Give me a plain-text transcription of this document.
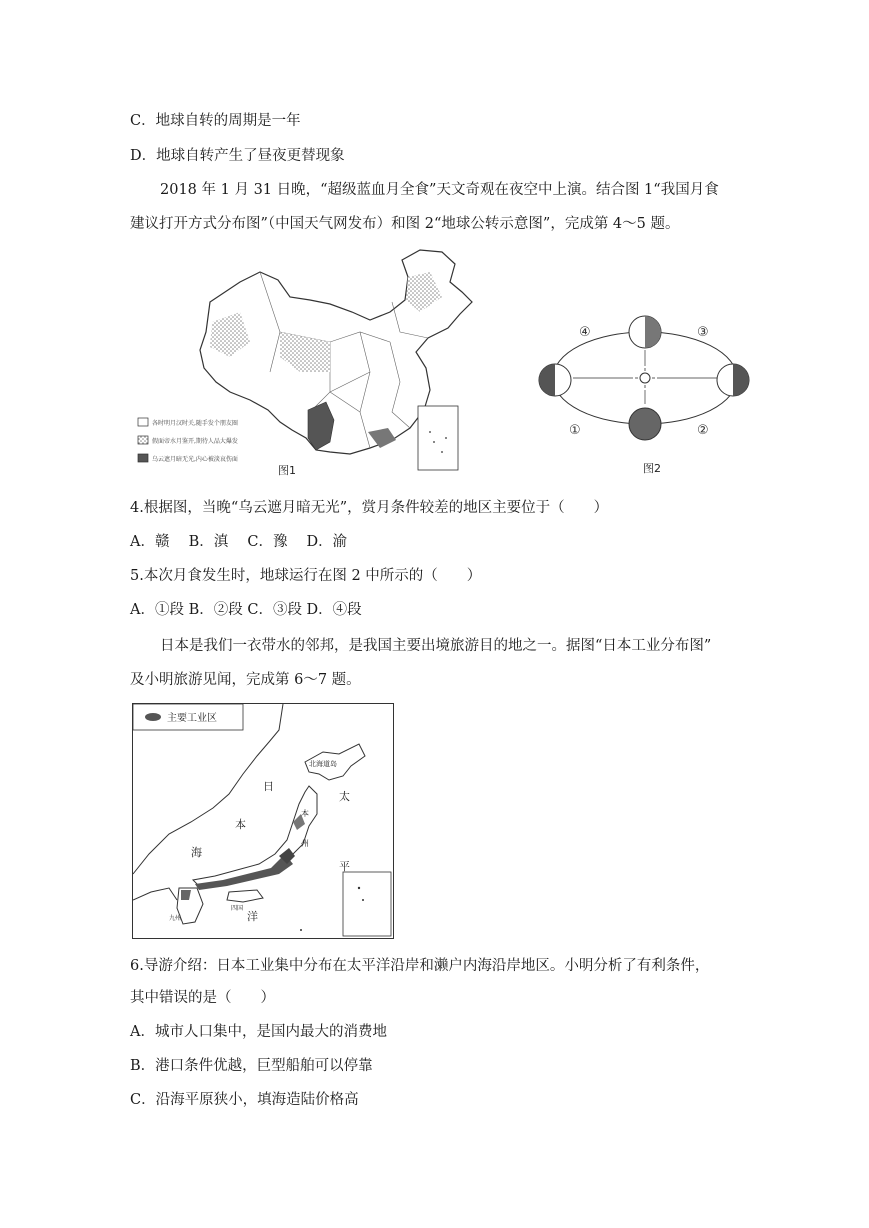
C．地球自转的周期是一年
D．地球自转产生了昼夜更替现象
2018 年 1 月 31 日晚，“超级蓝血月全食”天文奇观在夜空中上演。结合图 1“我国月食
建议打开方式分布图”（中国天气网发布）和图 2“地球公转示意图”，完成第 4～5 题。
各时明月汉时关,随手发个朋友圈
假面帝水月鉴开,期待人品大爆发
乌云遮月暗无光,内心被淡哀伤面
图1
④	③
①	②
图2
4.根据图，当晚“乌云遮月暗无光”，赏月条件较差的地区主要位于（　　）
A．赣　 B．滇　 C．豫　 D．渝
5.本次月食发生时，地球运行在图 2 中所示的（　　）
A．①段 B．②段 C．③段 D．④段
日本是我们一衣带水的邻邦，是我国主要出境旅游目的地之一。据图“日本工业分布图”
及小明旅游见闻，完成第 6～7 题。
主要工业区
北海道岛
日
本
海
太
平
洋
本
州
九州
四国
6.导游介绍：日本工业集中分布在太平洋沿岸和濑户内海沿岸地区。小明分析了有利条件，
其中错误的是（　　）
A．城市人口集中，是国内最大的消费地
B．港口条件优越，巨型船舶可以停靠
C．沿海平原狭小，填海造陆价格高
